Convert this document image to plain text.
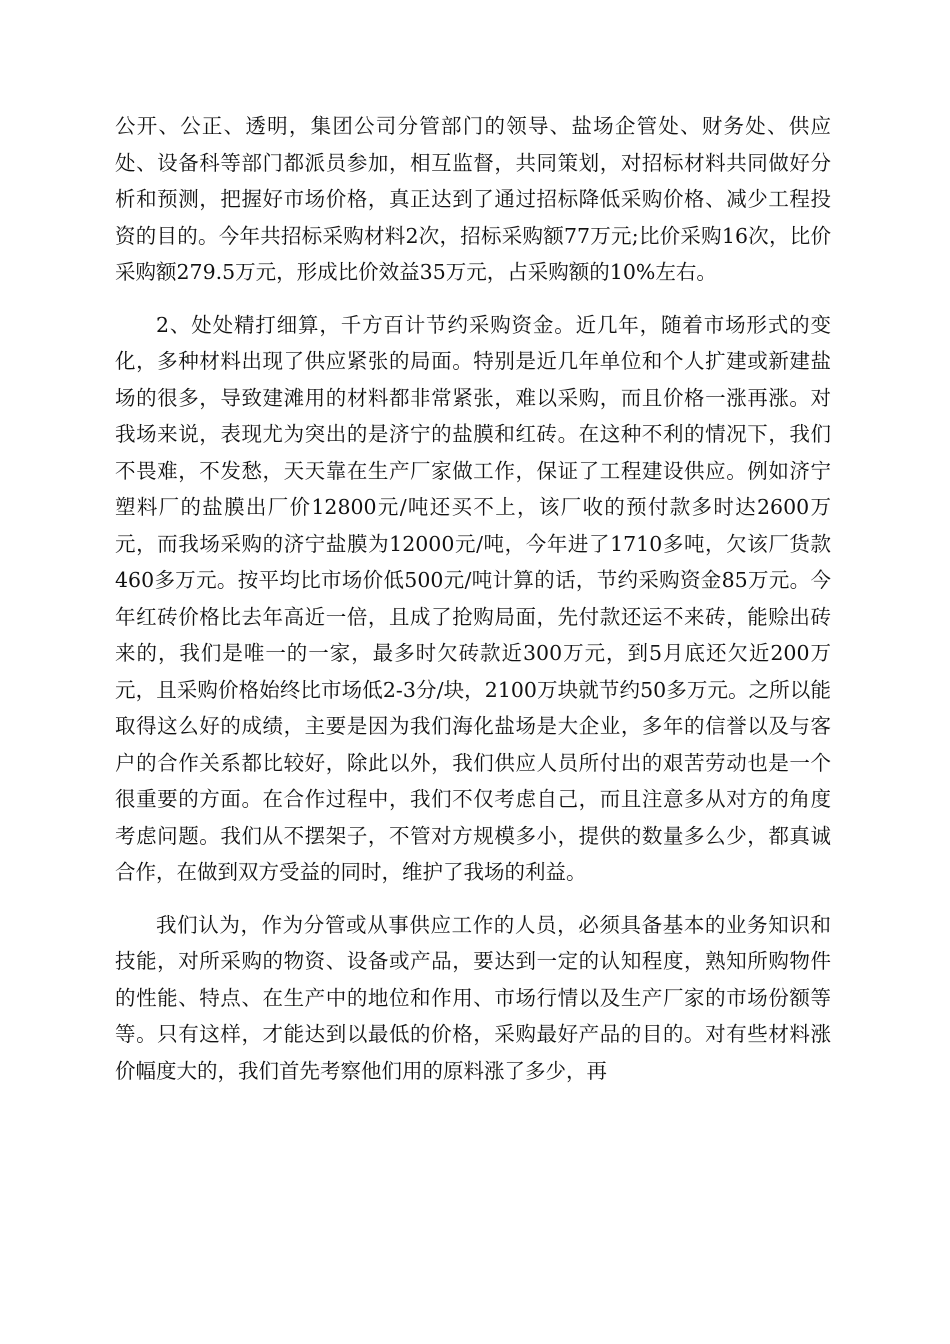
公开、公正、透明，集团公司分管部门的领导、盐场企管处、财务处、供应处、设备科等部门都派员参加，相互监督，共同策划，对招标材料共同做好分析和预测，把握好市场价格，真正达到了通过招标降低采购价格、减少工程投资的目的。今年共招标采购材料2次，招标采购额77万元;比价采购16次，比价采购额279.5万元，形成比价效益35万元，占采购额的10%左右。

2、处处精打细算，千方百计节约采购资金。近几年，随着市场形式的变化，多种材料出现了供应紧张的局面。特别是近几年单位和个人扩建或新建盐场的很多，导致建滩用的材料都非常紧张，难以采购，而且价格一涨再涨。对我场来说，表现尤为突出的是济宁的盐膜和红砖。在这种不利的情况下，我们不畏难，不发愁，天天靠在生产厂家做工作，保证了工程建设供应。例如济宁塑料厂的盐膜出厂价12800元/吨还买不上，该厂收的预付款多时达2600万元，而我场采购的济宁盐膜为12000元/吨，今年进了1710多吨，欠该厂货款460多万元。按平均比市场价低500元/吨计算的话，节约采购资金85万元。今年红砖价格比去年高近一倍，且成了抢购局面，先付款还运不来砖，能赊出砖来的，我们是唯一的一家，最多时欠砖款近300万元，到5月底还欠近200万元，且采购价格始终比市场低2-3分/块，2100万块就节约50多万元。之所以能取得这么好的成绩，主要是因为我们海化盐场是大企业，多年的信誉以及与客户的合作关系都比较好，除此以外，我们供应人员所付出的艰苦劳动也是一个很重要的方面。在合作过程中，我们不仅考虑自己，而且注意多从对方的角度考虑问题。我们从不摆架子，不管对方规模多小，提供的数量多么少，都真诚合作，在做到双方受益的同时，维护了我场的利益。

我们认为，作为分管或从事供应工作的人员，必须具备基本的业务知识和技能，对所采购的物资、设备或产品，要达到一定的认知程度，熟知所购物件的性能、特点、在生产中的地位和作用、市场行情以及生产厂家的市场份额等等。只有这样，才能达到以最低的价格，采购最好产品的目的。对有些材料涨价幅度大的，我们首先考察他们用的原料涨了多少，再
